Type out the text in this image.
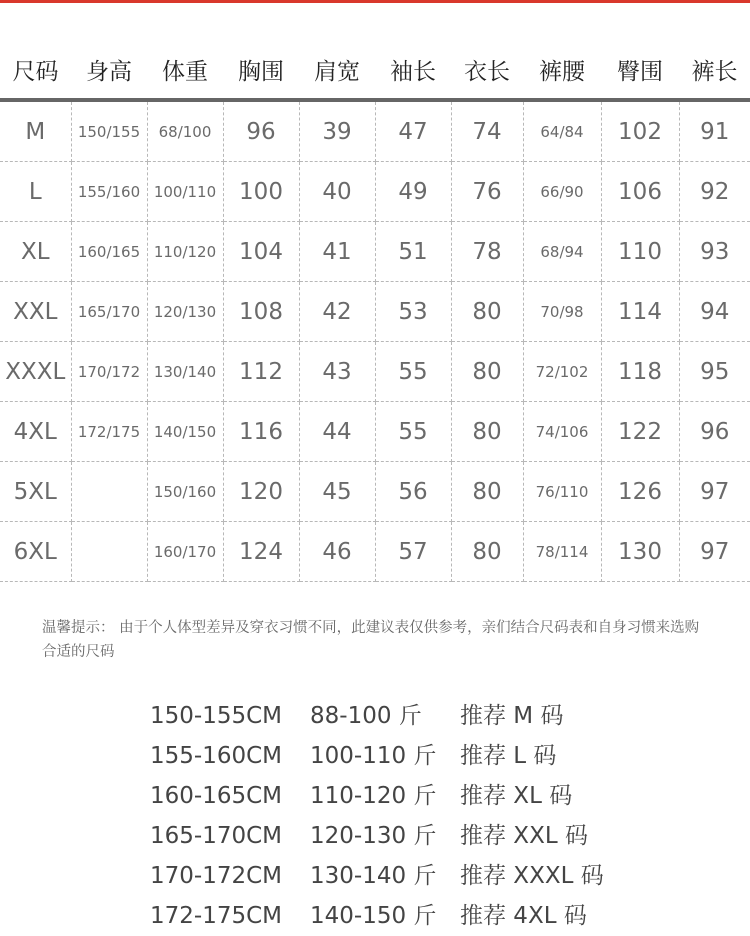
尺码	身高	体重	胸围	肩宽	袖长	衣长	裤腰	臀围	裤长
M	150/155	68/100	96	39	47	74	64/84	102	91
L	155/160	100/110	100	40	49	76	66/90	106	92
XL	160/165	110/120	104	41	51	78	68/94	110	93
XXL	165/170	120/130	108	42	53	80	70/98	114	94
XXXL	170/172	130/140	112	43	55	80	72/102	118	95
4XL	172/175	140/150	116	44	55	80	74/106	122	96
5XL		150/160	120	45	56	80	76/110	126	97
6XL		160/170	124	46	57	80	78/114	130	97
温馨提示： 由于个人体型差异及穿衣习惯不同，此建议表仅供参考，亲们结合尺码表和自身习惯来选购合适的尺码
150-155CM 88-100 斤 推荐 M 码
155-160CM 100-110 斤 推荐 L 码
160-165CM 110-120 斤 推荐 XL 码
165-170CM 120-130 斤 推荐 XXL 码
170-172CM 130-140 斤 推荐 XXXL 码
172-175CM 140-150 斤 推荐 4XL 码
